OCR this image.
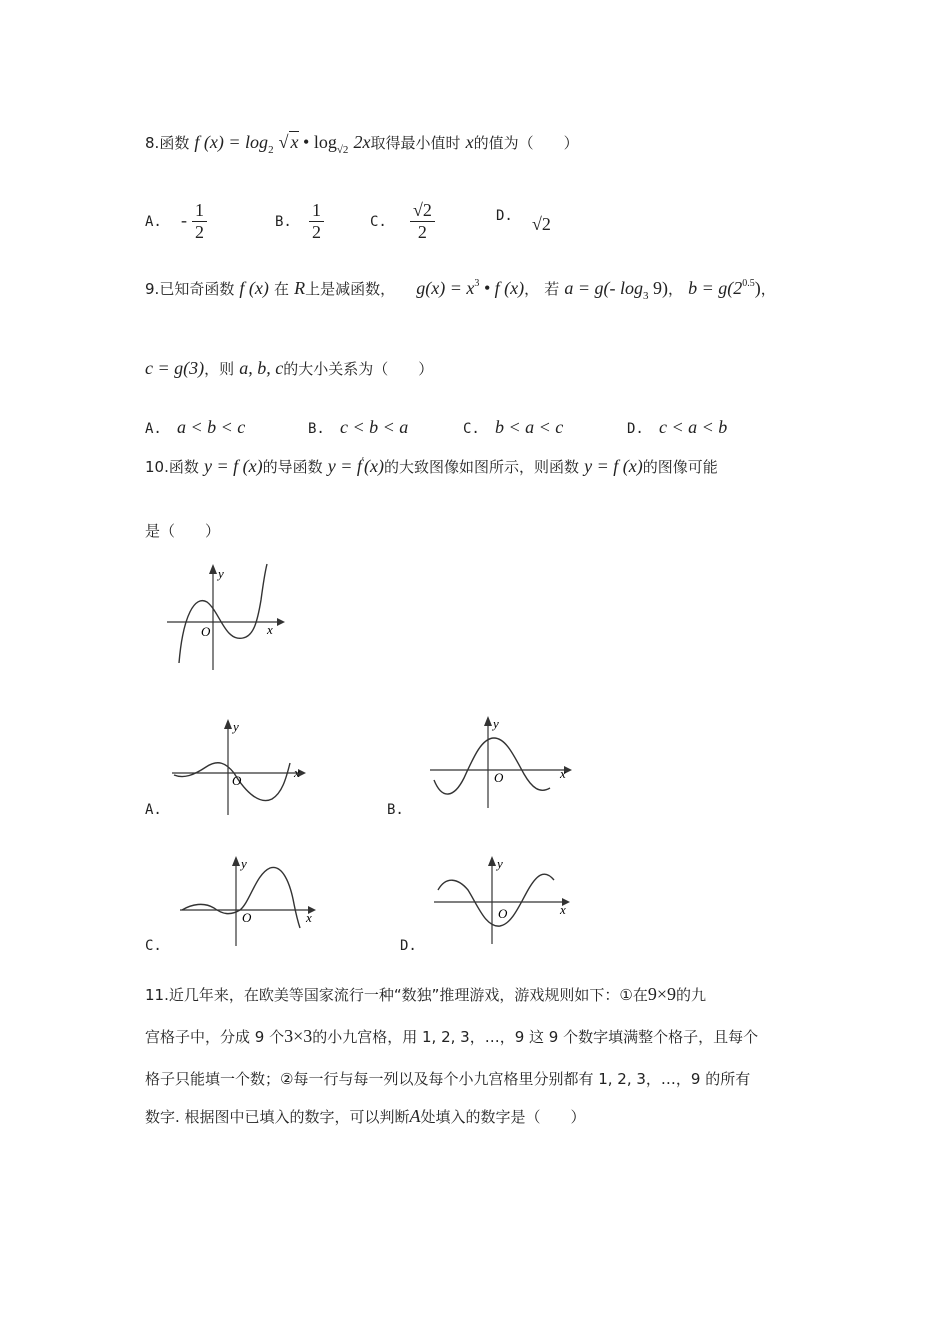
8.函数 f $(x) = \log_2$ √ x • $\log_{√2} 2x$取得最小值时 x的值为（　　）
A. - $\frac{1}{2}$	B. $\frac{1}{2}$	C. $\frac{√2}{2}$	D. √2
9.已知奇函数 f (x) 在 R上是减函数， $g(x) = x^3$ • f (x)， 若 a = g(- $\log_3 9$)， $b = g(2^{0.5})$，
c = g(3)，则 a, b, c的大小关系为（　　）
A. a < b < c	B. c < b < a	C. b < a < c	D. c < a < b
10.函数 y = f (x)的导函数 y = f′(x)的大致图像如图所示，则函数 y = f (x)的图像可能
是（　　）
y
x
O
A.
y
x
O
B.
y
x
O
C.
y
x
O
D.
y
x
O
11.近几年来，在欧美等国家流行一种“数独”推理游戏，游戏规则如下：①在9×9的九
宫格子中，分成 9 个3×3的小九宫格，用 1, 2, 3，…，9 这 9 个数字填满整个格子，且每个
格子只能填一个数；②每一行与每一列以及每个小九宫格里分别都有 1, 2, 3，…，9 的所有
数字. 根据图中已填入的数字，可以判断A处填入的数字是（　　）
